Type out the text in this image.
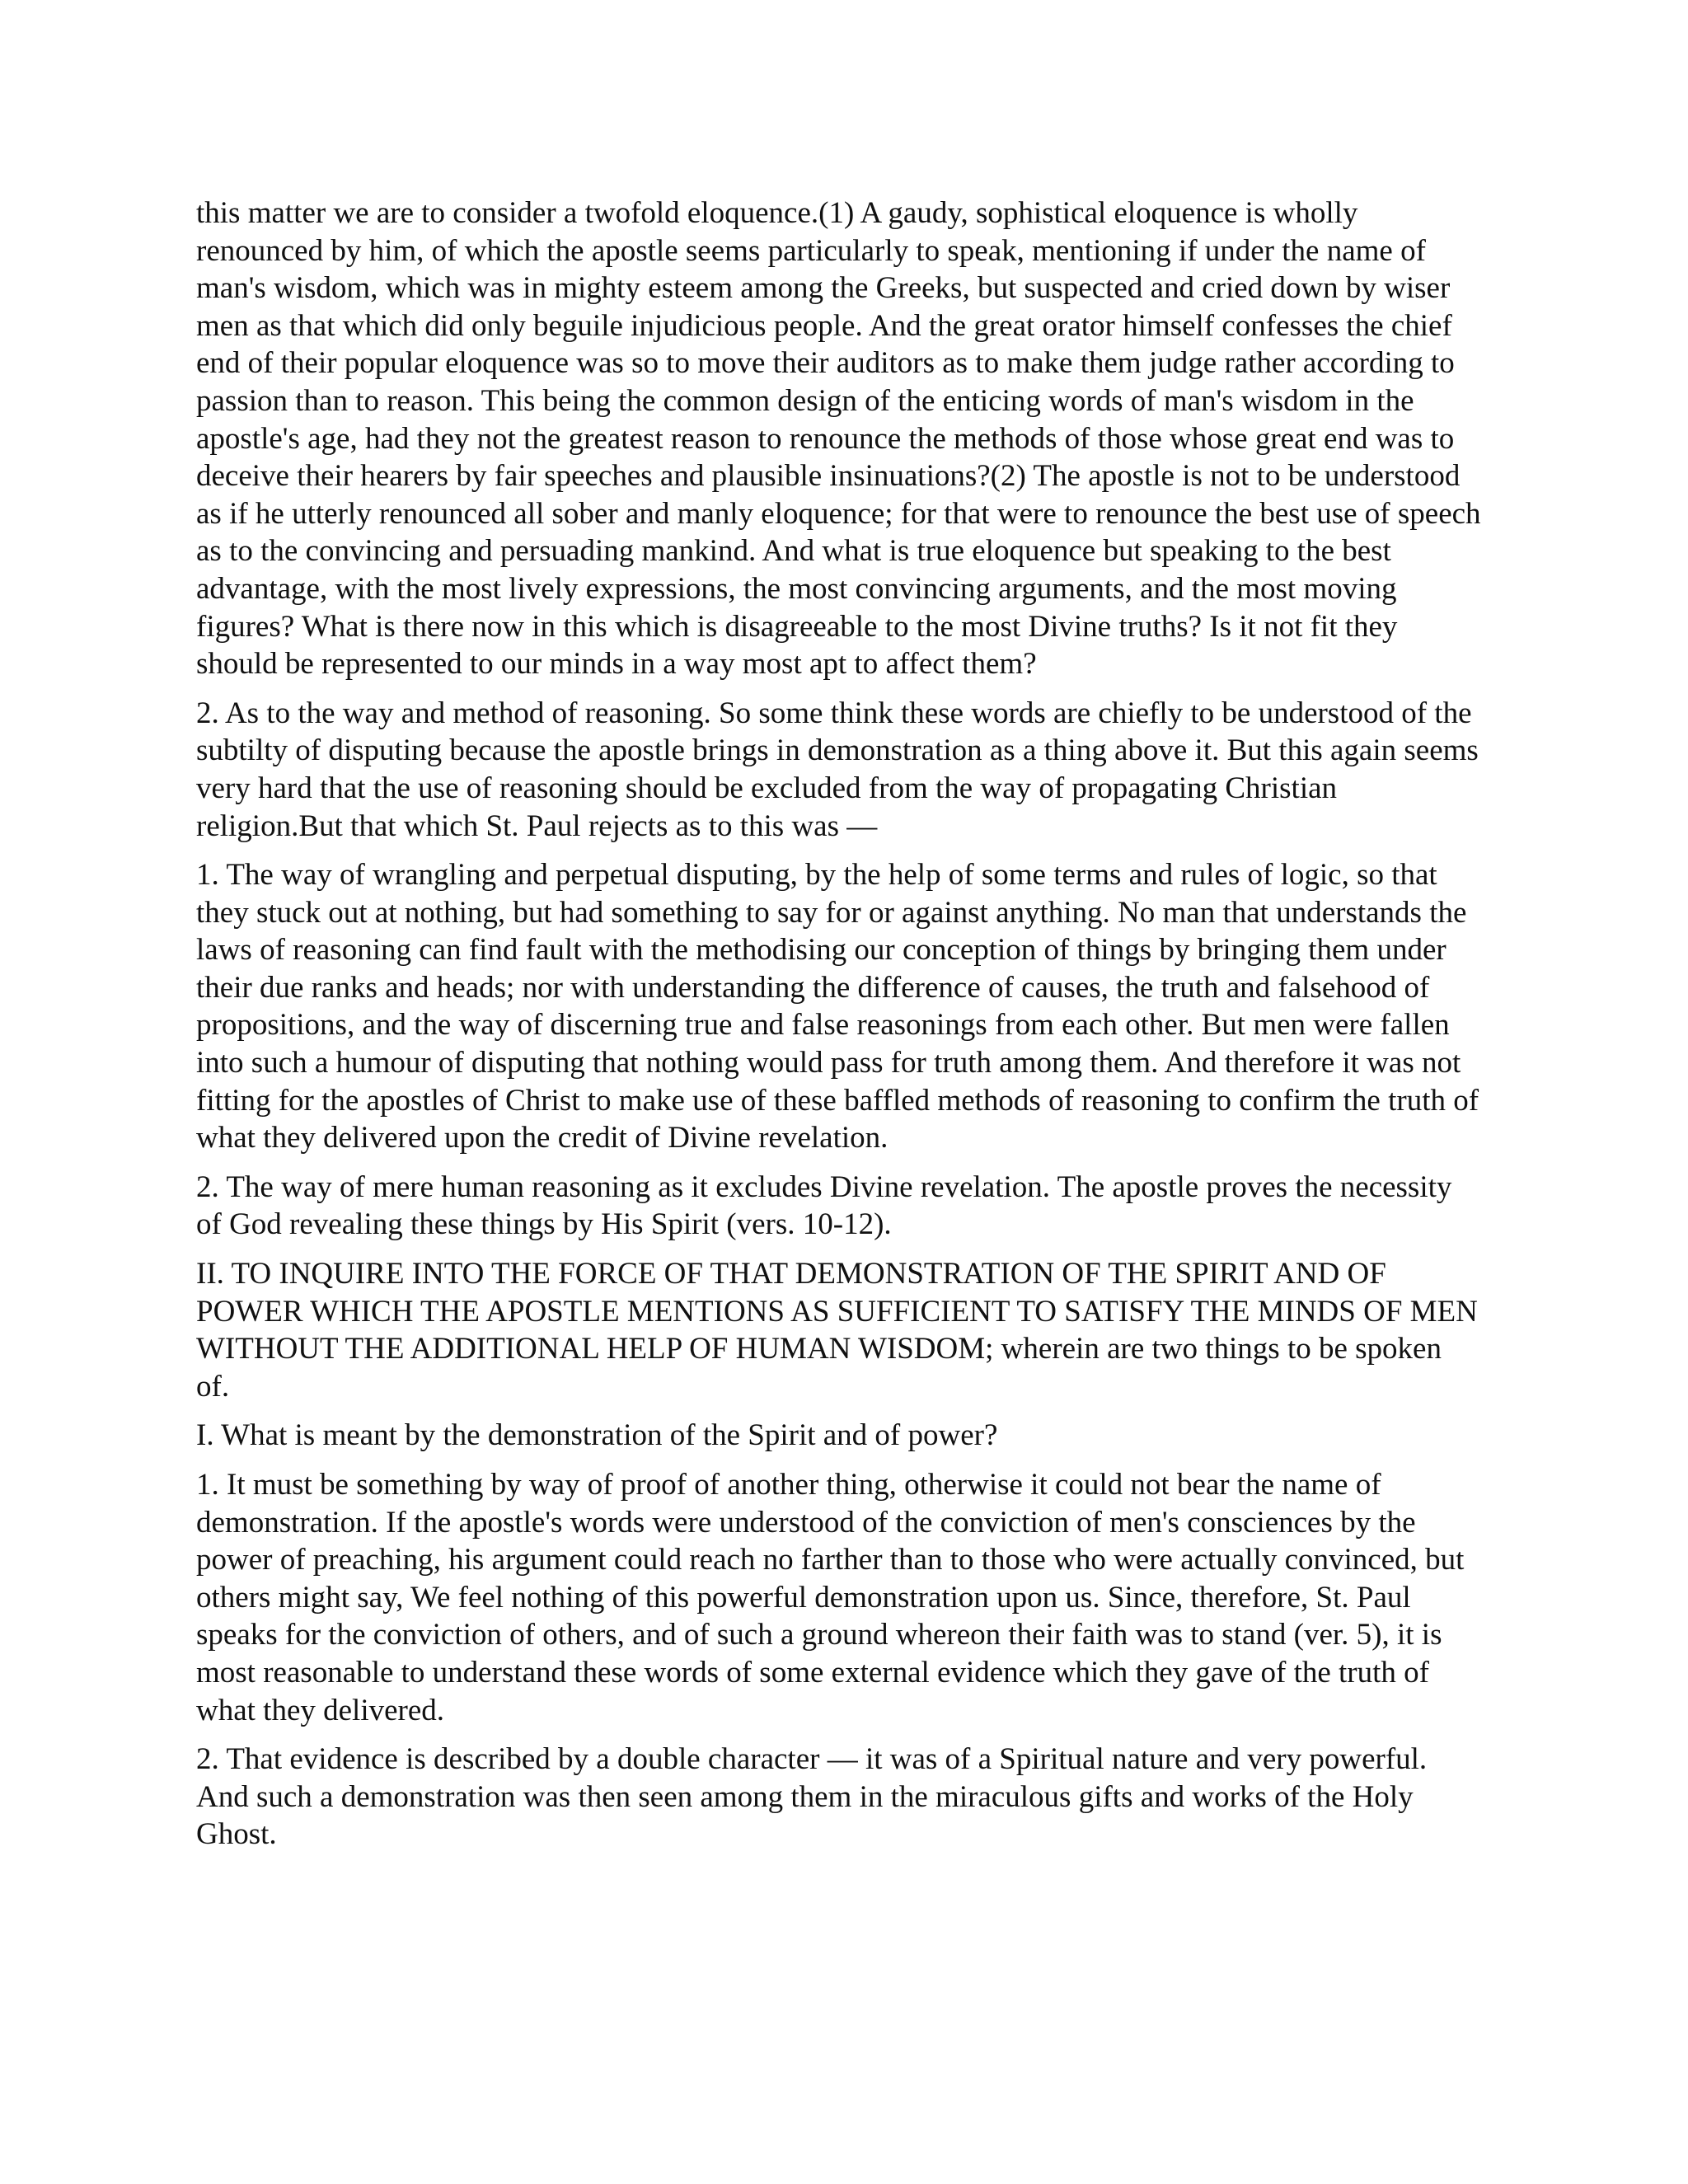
this matter we are to consider a twofold eloquence.(1) A gaudy, sophistical eloquence is wholly renounced by him, of which the apostle seems particularly to speak, mentioning if under the name of man's wisdom, which was in mighty esteem among the Greeks, but suspected and cried down by wiser men as that which did only beguile injudicious people. And the great orator himself confesses the chief end of their popular eloquence was so to move their auditors as to make them judge rather according to passion than to reason. This being the common design of the enticing words of man's wisdom in the apostle's age, had they not the greatest reason to renounce the methods of those whose great end was to deceive their hearers by fair speeches and plausible insinuations?(2) The apostle is not to be understood as if he utterly renounced all sober and manly eloquence; for that were to renounce the best use of speech as to the convincing and persuading mankind. And what is true eloquence but speaking to the best advantage, with the most lively expressions, the most convincing arguments, and the most moving figures? What is there now in this which is disagreeable to the most Divine truths? Is it not fit they should be represented to our minds in a way most apt to affect them?

2. As to the way and method of reasoning. So some think these words are chiefly to be understood of the subtilty of disputing because the apostle brings in demonstration as a thing above it. But this again seems very hard that the use of reasoning should be excluded from the way of propagating Christian religion.But that which St. Paul rejects as to this was —

1. The way of wrangling and perpetual disputing, by the help of some terms and rules of logic, so that they stuck out at nothing, but had something to say for or against anything. No man that understands the laws of reasoning can find fault with the methodising our conception of things by bringing them under their due ranks and heads; nor with understanding the difference of causes, the truth and falsehood of propositions, and the way of discerning true and false reasonings from each other. But men were fallen into such a humour of disputing that nothing would pass for truth among them. And therefore it was not fitting for the apostles of Christ to make use of these baffled methods of reasoning to confirm the truth of what they delivered upon the credit of Divine revelation.

2. The way of mere human reasoning as it excludes Divine revelation. The apostle proves the necessity of God revealing these things by His Spirit (vers. 10-12).

II. TO INQUIRE INTO THE FORCE OF THAT DEMONSTRATION OF THE SPIRIT AND OF POWER WHICH THE APOSTLE MENTIONS AS SUFFICIENT TO SATISFY THE MINDS OF MEN WITHOUT THE ADDITIONAL HELP OF HUMAN WISDOM; wherein are two things to be spoken of.

I. What is meant by the demonstration of the Spirit and of power?

1. It must be something by way of proof of another thing, otherwise it could not bear the name of demonstration. If the apostle's words were understood of the conviction of men's consciences by the power of preaching, his argument could reach no farther than to those who were actually convinced, but others might say, We feel nothing of this powerful demonstration upon us. Since, therefore, St. Paul speaks for the conviction of others, and of such a ground whereon their faith was to stand (ver. 5), it is most reasonable to understand these words of some external evidence which they gave of the truth of what they delivered.

2. That evidence is described by a double character — it was of a Spiritual nature and very powerful. And such a demonstration was then seen among them in the miraculous gifts and works of the Holy Ghost.
